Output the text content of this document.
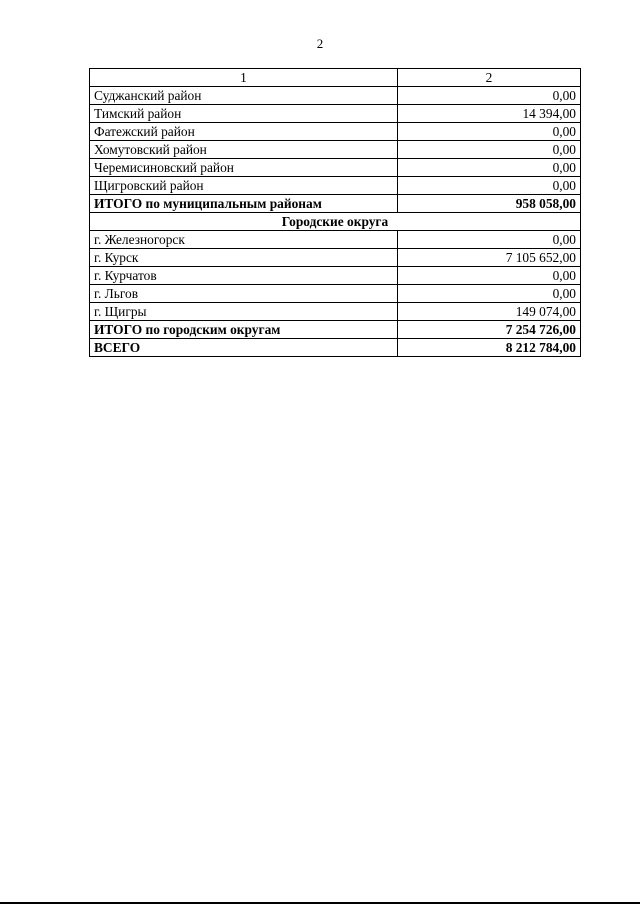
2
1	2
Суджанский район	0,00
Тимский район	14 394,00
Фатежский район	0,00
Хомутовский район	0,00
Черемисиновский район	0,00
Щигровский район	0,00
ИТОГО по муниципальным районам	958 058,00
Городские округа	
г. Железногорск	0,00
г. Курск	7 105 652,00
г. Курчатов	0,00
г. Льгов	0,00
г. Щигры	149 074,00
ИТОГО по городским округам	7 254 726,00
ВСЕГО	8 212 784,00
